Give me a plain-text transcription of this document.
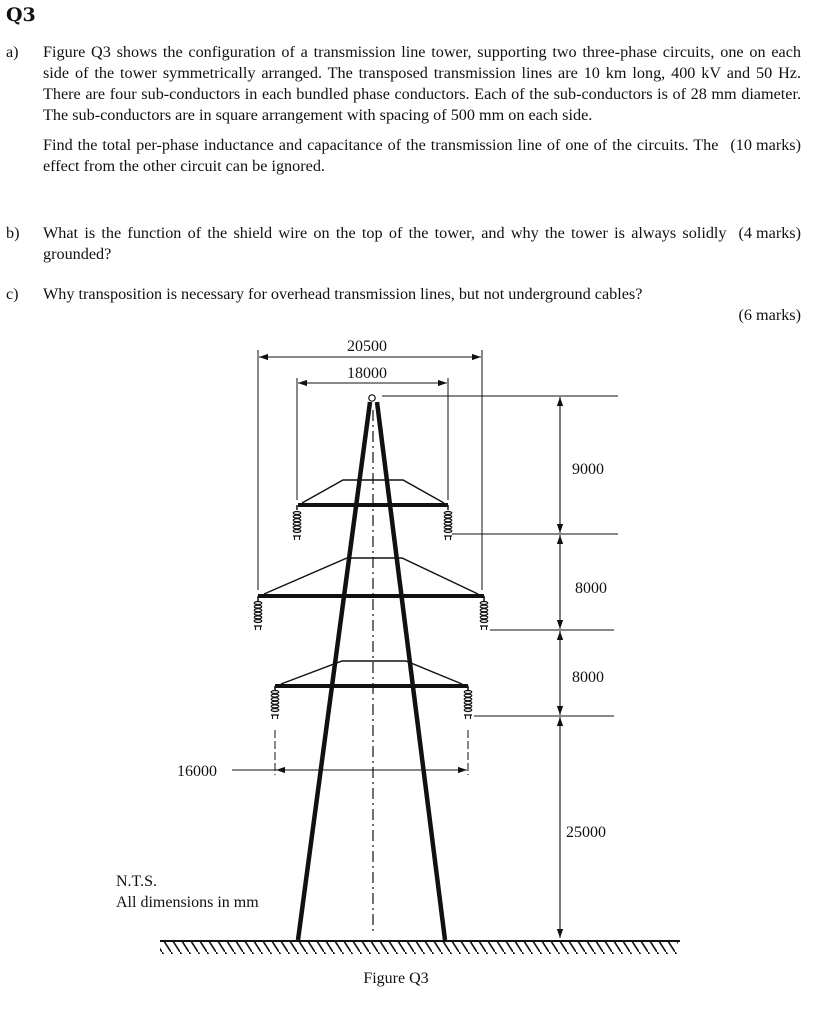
Q3
a) Figure Q3 shows the configuration of a transmission line tower, supporting two three-phase circuits, one on each side of the tower symmetrically arranged. The transposed transmission lines are 10 km long, 400 kV and 50 Hz. There are four sub-conductors in each bundled phase conductors. Each of the sub-conductors is of 28 mm diameter. The sub-conductors are in square arrangement with spacing of 500 mm on each side.

(10 marks)
Find the total per-phase inductance and capacitance of the transmission line of one of the circuits. The effect from the other circuit can be ignored.

b)	(4 marks)
What is the function of the shield wire on the top of the tower, and why the tower is always solidly grounded?

c) Why transposition is necessary for overhead transmission lines, but not underground cables?

(6 marks)

20500
18000
16000
9000
8000
8000
25000
N.T.S.
All dimensions in mm
Figure Q3
